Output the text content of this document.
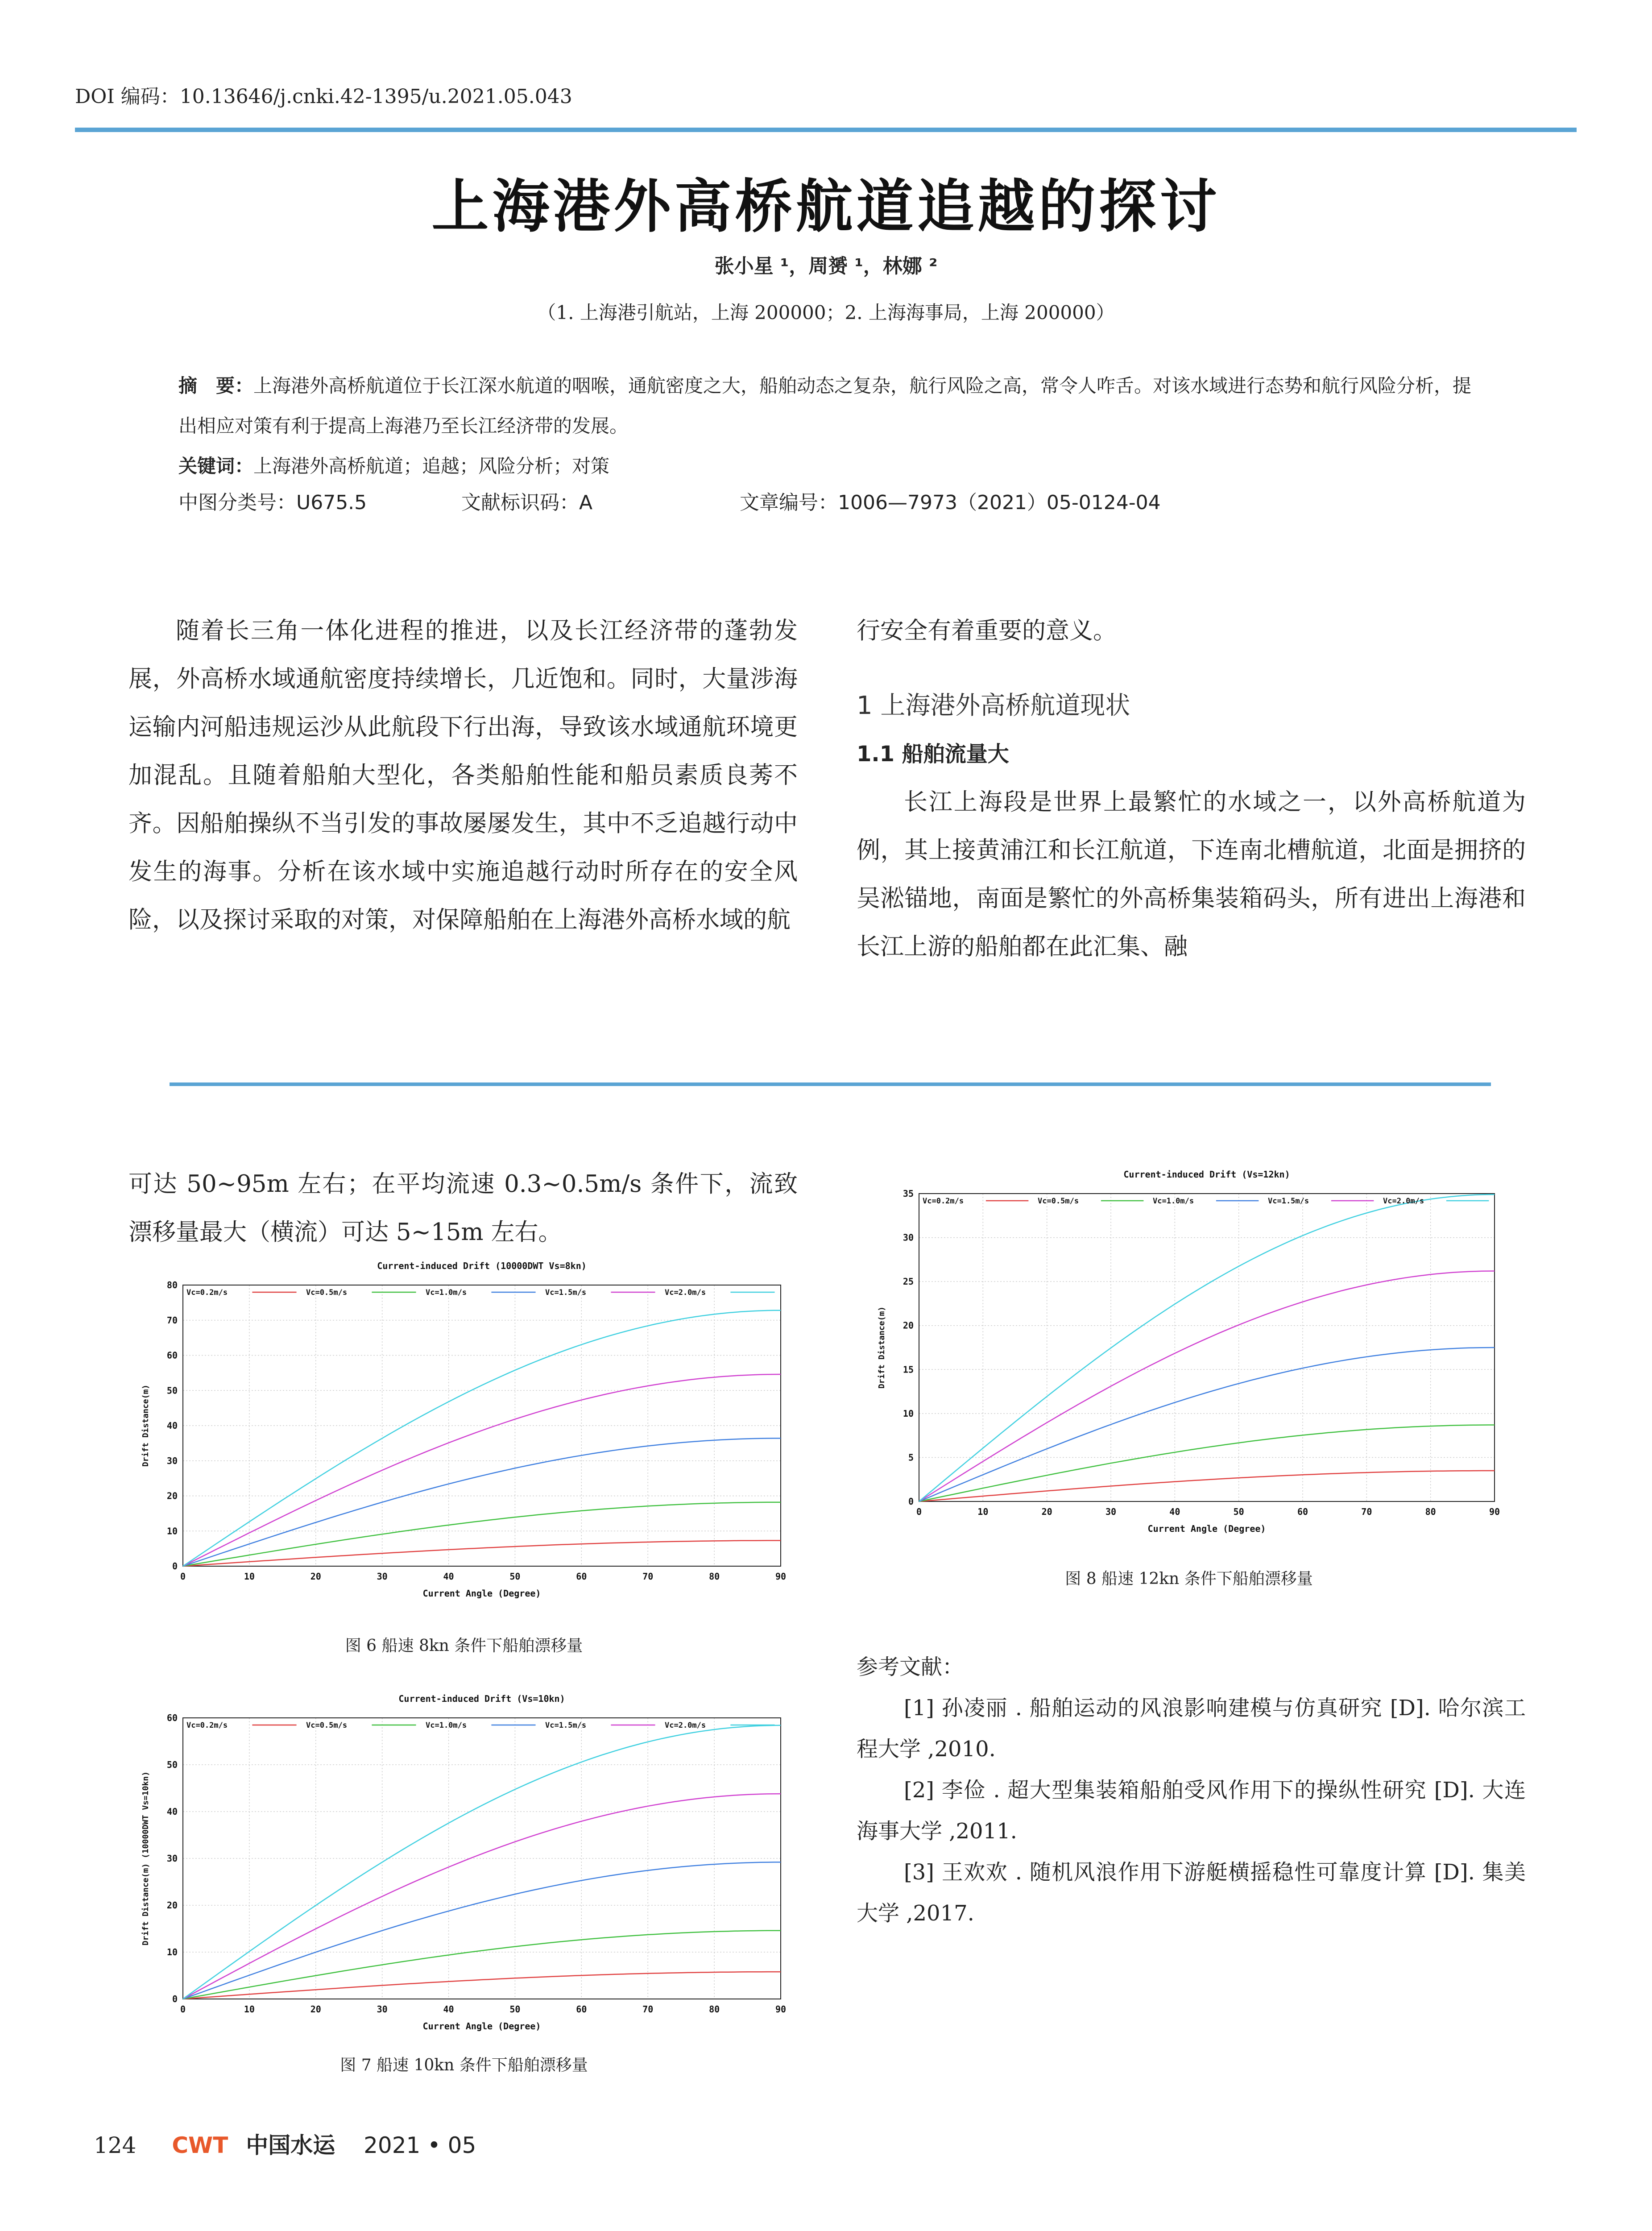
DOI 编码：10.13646/j.cnki.42-1395/u.2021.05.043
上海港外高桥航道追越的探讨
张小星 ¹，周赟 ¹，林娜 ²
（1. 上海港引航站，上海 200000；2. 上海海事局，上海 200000）
摘　要：上海港外高桥航道位于长江深水航道的咽喉，通航密度之大，船舶动态之复杂，航行风险之高，常令人咋舌。对该水域进行态势和航行风险分析，提出相应对策有利于提高上海港乃至长江经济带的发展。
关键词：上海港外高桥航道；追越；风险分析；对策
中图分类号：U675.5	文献标识码：A	文章编号：1006—7973（2021）05-0124-04
随着长三角一体化进程的推进，以及长江经济带的蓬勃发展，外高桥水域通航密度持续增长，几近饱和。同时，大量涉海运输内河船违规运沙从此航段下行出海，导致该水域通航环境更加混乱。且随着船舶大型化，各类船舶性能和船员素质良莠不齐。因船舶操纵不当引发的事故屡屡发生，其中不乏追越行动中发生的海事。分析在该水域中实施追越行动时所存在的安全风险，以及探讨采取的对策，对保障船舶在上海港外高桥水域的航
行安全有着重要的意义。
1 上海港外高桥航道现状
1.1 船舶流量大
长江上海段是世界上最繁忙的水域之一，以外高桥航道为例，其上接黄浦江和长江航道，下连南北槽航道，北面是拥挤的吴淞锚地，南面是繁忙的外高桥集装箱码头，所有进出上海港和长江上游的船舶都在此汇集、融
可达 50~95m 左右；在平均流速 0.3~0.5m/s 条件下，流致漂移量最大（横流）可达 5~15m 左右。
Current-induced Drift (10000DWT Vs=8kn)
0	10	20	30	40	50	60	70	80	90
0
10
20
30
40
50
60
70
80
Current Angle (Degree)
Drift Distance(m)
Vc=0.2m/s	Vc=0.5m/s	Vc=1.0m/s	Vc=1.5m/s	Vc=2.0m/s
图 6 船速 8kn 条件下船舶漂移量
Current-induced Drift (Vs=10kn)
0	10	20	30	40	50	60	70	80	90
0
10
20
30
40
50
60
Current Angle (Degree)
Drift Distance(m) (10000DWT Vs=10kn)
Vc=0.2m/s	Vc=0.5m/s	Vc=1.0m/s	Vc=1.5m/s	Vc=2.0m/s
图 7 船速 10kn 条件下船舶漂移量
Current-induced Drift (Vs=12kn)
0	10	20	30	40	50	60	70	80	90
0
5
10
15
20
25
30
35
Current Angle (Degree)
Drift Distance(m)
Vc=0.2m/s	Vc=0.5m/s	Vc=1.0m/s	Vc=1.5m/s	Vc=2.0m/s
图 8 船速 12kn 条件下船舶漂移量
参考文献：
[1] 孙凌丽 . 船舶运动的风浪影响建模与仿真研究 [D]. 哈尔滨工程大学 ,2010.
[2] 李俭 . 超大型集装箱船舶受风作用下的操纵性研究 [D]. 大连海事大学 ,2011.
[3] 王欢欢 . 随机风浪作用下游艇横摇稳性可靠度计算 [D]. 集美大学 ,2017.
124 CWT 中国水运 2021 • 05
